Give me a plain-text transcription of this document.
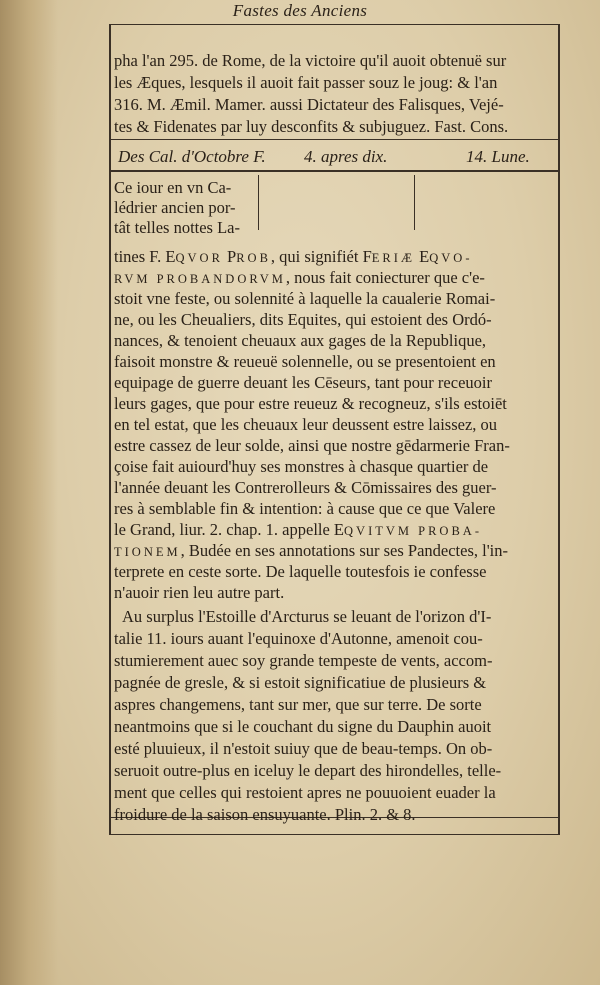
Fastes des Anciens
pha l'an 295. de Rome, de la victoire qu'il auoit obtenuë sur
les Æques, lesquels il auoit fait passer souz le joug: & l'an
316. M. Æmil. Mamer. aussi Dictateur des Falisques, Vejé-
tes & Fidenates par luy desconfits & subjuguez. Fast. Cons.
Des Cal. d'Octobre F. 4. apres dix.	14. Lune.
Ce iour en vn Ca-
lédrier ancien por-
tât telles nottes La-
tines F. EQVOR PROB, qui signifiét FERIÆ EQVO-
RVM PROBANDORVM, nous fait coniecturer que c'e-
stoit vne feste, ou solennité à laquelle la caualerie Romai-
ne, ou les Cheualiers, dits Equites, qui estoient des Ordó-
nances, & tenoient cheuaux aux gages de la Republique,
faisoit monstre & reueuë solennelle, ou se presentoient en
equipage de guerre deuant les Cēseurs, tant pour receuoir
leurs gages, que pour estre reueuz & recogneuz, s'ils estoiēt
en tel estat, que les cheuaux leur deussent estre laissez, ou
estre cassez de leur solde, ainsi que nostre gēdarmerie Fran-
çoise fait auiourd'huy ses monstres à chasque quartier de
l'année deuant les Contrerolleurs & Cōmissaires des guer-
res à semblable fin & intention: à cause que ce que Valere
le Grand, liur. 2. chap. 1. appelle EQVITVM PROBA-
TIONEM, Budée en ses annotations sur ses Pandectes, l'in-
terprete en ceste sorte. De laquelle toutesfois ie confesse
n'auoir rien leu autre part.
Au surplus l'Estoille d'Arcturus se leuant de l'orizon d'I-
talie 11. iours auant l'equinoxe d'Autonne, amenoit cou-
stumierement auec soy grande tempeste de vents, accom-
pagnée de gresle, & si estoit significatiue de plusieurs &
aspres changemens, tant sur mer, que sur terre. De sorte
neantmoins que si le couchant du signe du Dauphin auoit
esté pluuieux, il n'estoit suiuy que de beau-temps. On ob-
seruoit outre-plus en iceluy le depart des hirondelles, telle-
ment que celles qui restoient apres ne pouuoient euader la
froidure de la saison ensuyuante. Plin. 2. & 8.
